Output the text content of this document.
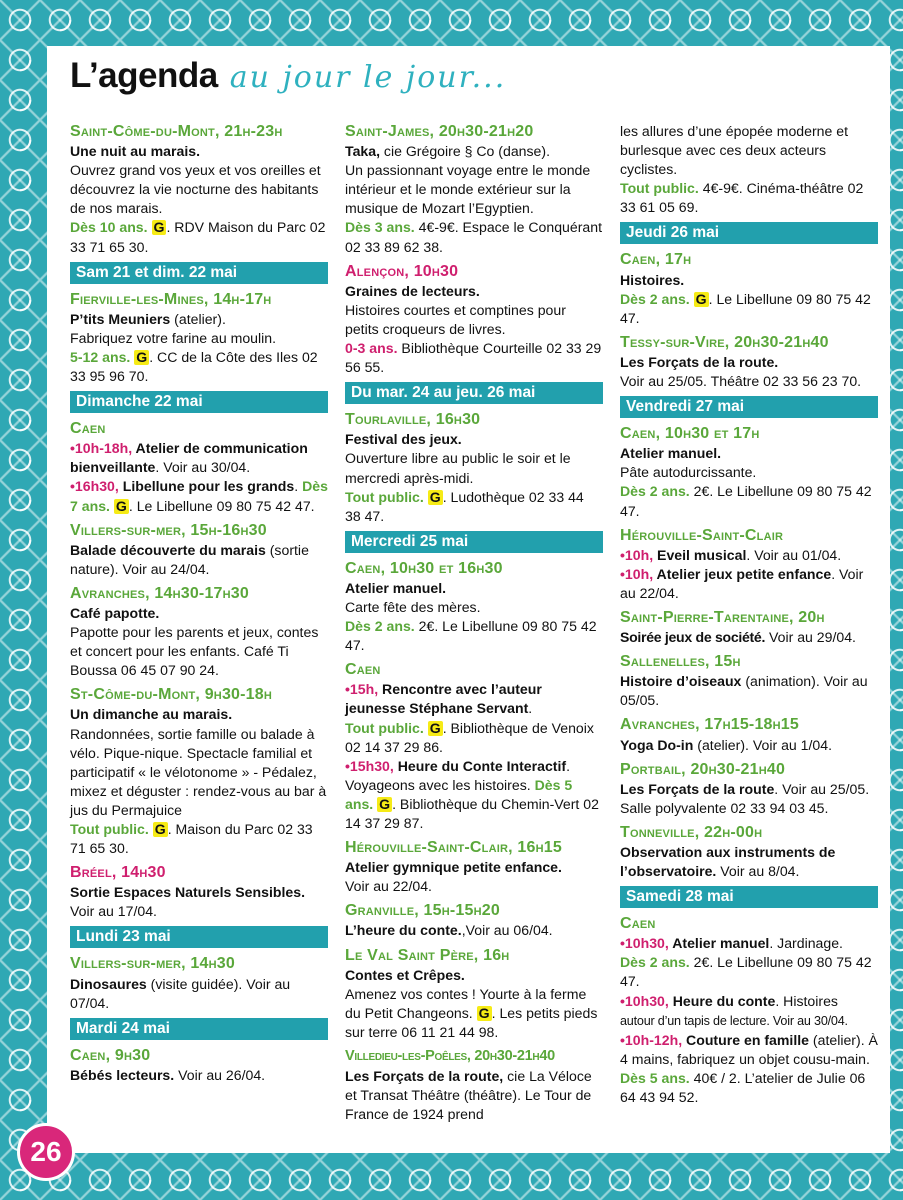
L’agenda au jour le jour...
Saint-Côme-du-Mont, 21h-23h
Une nuit au marais.
Ouvrez grand vos yeux et vos oreilles et découvrez la vie nocturne des habitants de nos marais.
Dès 10 ans. G . RDV Maison du Parc 02 33 71 65 30.
Sam 21 et dim. 22 mai
Fierville-les-Mines, 14h-17h
P’tits Meuniers (atelier).
Fabriquez votre farine au moulin.
5-12 ans. G . CC de la Côte des Iles 02 33 95 96 70.
Dimanche 22 mai
Caen
•10h-18h, Atelier de communication bienveillante. Voir au 30/04.
•16h30, Libellune pour les grands. Dès 7 ans. G . Le Libellune 09 80 75 42 47.
Villers-sur-mer, 15h-16h30
Balade découverte du marais (sortie nature). Voir au 24/04.
Avranches, 14h30-17h30
Café papotte.
Papotte pour les parents et jeux, contes et concert pour les enfants. Café Ti Boussa 06 45 07 90 24.
St-Côme-du-Mont, 9h30-18h
Un dimanche au marais.
Randonnées, sortie famille ou balade à vélo. Pique-nique. Spectacle familial et participatif « le vélotonome » - Pédalez, mixez et déguster : rendez-vous au bar à jus du Permajuice
Tout public. G . Maison du Parc 02 33 71 65 30.
Bréel, 14h30
Sortie Espaces Naturels Sensibles. Voir au 17/04.
Lundi 23 mai
Villers-sur-mer, 14h30
Dinosaures (visite guidée). Voir au 07/04.
Mardi 24 mai
Caen, 9h30
Bébés lecteurs. Voir au 26/04.
Saint-James, 20h30-21h20
Taka, cie Grégoire § Co (danse).
Un passionnant voyage entre le monde intérieur et le monde extérieur sur la musique de Mozart l’Egyptien.
Dès 3 ans. 4€-9€. Espace le Conquérant 02 33 89 62 38.
Alençon, 10h30
Graines de lecteurs.
Histoires courtes et comptines pour petits croqueurs de livres.
0-3 ans. Bibliothèque Courteille 02 33 29 56 55.
Du mar. 24 au jeu. 26 mai
Tourlaville, 16h30
Festival des jeux.
Ouverture libre au public le soir et le mercredi après-midi.
Tout public. G . Ludothèque 02 33 44 38 47.
Mercredi 25 mai
Caen, 10h30 et 16h30
Atelier manuel.
Carte fête des mères.
Dès 2 ans. 2€. Le Libellune 09 80 75 42 47.
Caen
•15h, Rencontre avec l’auteur jeunesse Stéphane Servant.
Tout public. G . Bibliothèque de Venoix 02 14 37 29 86.
•15h30, Heure du Conte Interactif. Voyageons avec les histoires. Dès 5 ans. G . Bibliothèque du Chemin-Vert 02 14 37 29 87.
Hérouville-Saint-Clair, 16h15
Atelier gymnique petite enfance.
Voir au 22/04.
Granville, 15h-15h20
L’heure du conte.,Voir au 06/04.
Le Val Saint Père, 16h
Contes et Crêpes.
Amenez vos contes ! Yourte à la ferme du Petit Changeons. G . Les petits pieds sur terre 06 11 21 44 98.
Villedieu-les-Poêles, 20h30-21h40
Les Forçats de la route, cie La Véloce et Transat Théâtre (théâtre). Le Tour de France de 1924 prend
les allures d’une épopée moderne et burlesque avec ces deux acteurs cyclistes.
Tout public. 4€-9€. Cinéma-théâtre 02 33 61 05 69.
Jeudi 26 mai
Caen, 17h
Histoires.
Dès 2 ans. G . Le Libellune 09 80 75 42 47.
Tessy-sur-Vire, 20h30-21h40
Les Forçats de la route.
Voir au 25/05. Théâtre 02 33 56 23 70.
Vendredi 27 mai
Caen, 10h30 et 17h
Atelier manuel.
Pâte autodurcissante.
Dès 2 ans. 2€. Le Libellune 09 80 75 42 47.
Hérouville-Saint-Clair
•10h, Eveil musical. Voir au 01/04.
•10h, Atelier jeux petite enfance. Voir au 22/04.
Saint-Pierre-Tarentaine, 20h
Soirée jeux de société. Voir au 29/04.
Sallenelles, 15h
Histoire d’oiseaux (animation). Voir au 05/05.
Avranches, 17h15-18h15
Yoga Do-in (atelier). Voir au 1/04.
Portbail, 20h30-21h40
Les Forçats de la route. Voir au 25/05. Salle polyvalente 02 33 94 03 45.
Tonneville, 22h-00h
Observation aux instruments de l’observatoire. Voir au 8/04.
Samedi 28 mai
Caen
•10h30, Atelier manuel. Jardinage.
Dès 2 ans. 2€. Le Libellune 09 80 75 42 47.
•10h30, Heure du conte. Histoires
autour d’un tapis de lecture. Voir au 30/04.
•10h-12h, Couture en famille (atelier). À 4 mains, fabriquez un objet cousu-main. Dès 5 ans. 40€ / 2. L’atelier de Julie 06 64 43 94 52.
26
